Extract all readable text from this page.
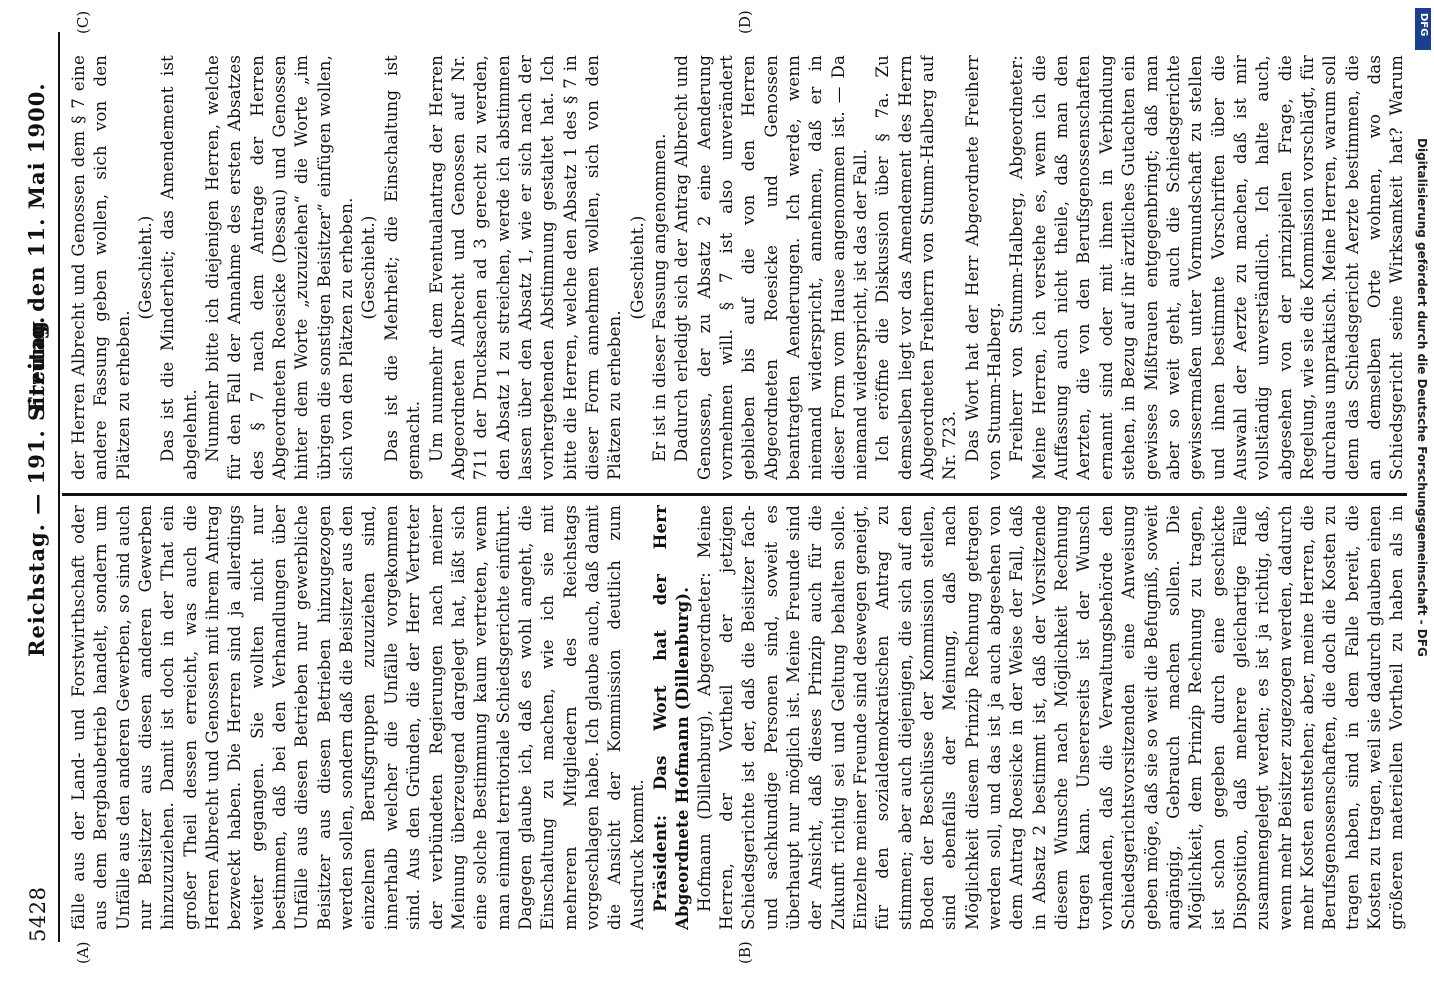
5428
Reichstag. — 191. Sitzung.
Freitag den 11. Mai 1900.
(A)	(B)
(C)	(D)

fälle aus der Land- und Forstwirthschaft oder aus dem Bergbaubetrieb handelt, sondern um Unfälle aus den anderen Gewerben, so sind auch nur Beisitzer aus diesen anderen Gewerben hinzuzuziehen. Damit ist doch in der That ein großer Theil dessen erreicht, was auch die Herren Albrecht und Genossen mit ihrem Antrag bezweckt haben. Die Herren sind ja allerdings weiter gegangen. Sie wollten nicht nur bestimmen, daß bei den Verhandlungen über Unfälle aus diesen Betrieben nur gewerbliche Beisitzer aus diesen Betrieben hinzugezogen werden sollen, sondern daß die Beisitzer aus den einzelnen Berufsgruppen zuzuziehen sind, innerhalb welcher die Unfälle vorgekommen sind. Aus den Gründen, die der Herr Vertreter der verbündeten Regierungen nach meiner Meinung überzeugend dargelegt hat, läßt sich eine solche Bestimmung kaum vertreten, wenn man einmal territoriale Schiedsgerichte einführt. Dagegen glaube ich, daß es wohl angeht, die Einschaltung zu machen, wie ich sie mit mehreren Mitgliedern des Reichstags vorgeschlagen habe. Ich glaube auch, daß damit die Ansicht der Kommission deutlich zum Ausdruck kommt. Präsident: Das Wort hat der Herr Abgeordnete Hofmann (Dillenburg). Hofmann (Dillenburg), Abgeordneter: Meine Herren, der Vortheil der jetzigen Schiedsgerichte ist der, daß die Beisitzer fach- und sachkundige Personen sind, soweit es überhaupt nur möglich ist. Meine Freunde sind der Ansicht, daß dieses Prinzip auch für die Zukunft richtig sei und Geltung behalten solle. Einzelne meiner Freunde sind deswegen geneigt, für den sozialdemokratischen Antrag zu stimmen; aber auch diejenigen, die sich auf den Boden der Beschlüsse der Kommission stellen, sind ebenfalls der Meinung, daß nach Möglichkeit diesem Prinzip Rechnung getragen werden soll, und das ist ja auch abgesehen von dem Antrag Roesicke in der Weise der Fall, daß in Absatz 2 bestimmt ist, daß der Vorsitzende diesem Wunsche nach Möglichkeit Rechnung tragen kann. Unsererseits ist der Wunsch vorhanden, daß die Verwaltungsbehörde den Schiedsgerichtsvorsitzenden eine Anweisung geben möge, daß sie so weit die Befugniß, soweit angängig, Gebrauch machen sollen. Die Möglichkeit, dem Prinzip Rechnung zu tragen, ist schon gegeben durch eine geschickte Disposition, daß mehrere gleichartige Fälle zusammengelegt werden; es ist ja richtig, daß, wenn mehr Beisitzer zugezogen werden, dadurch mehr Kosten entstehen; aber, meine Herren, die Berufsgenossenschaften, die doch die Kosten zu tragen haben, sind in dem Falle bereit, die Kosten zu tragen, weil sie dadurch glauben einen größeren materiellen Vortheil zu haben als in

der Herren Albrecht und Genossen dem § 7 eine andere Fassung geben wollen, sich von den Plätzen zu erheben.

(Geschieht.) Das ist die Minderheit; das Amendement ist abgelehnt. Nunmehr bitte ich diejenigen Herren, welche für den Fall der Annahme des ersten Absatzes des § 7 nach dem Antrage der Herren Abgeordneten Roesicke (Dessau) und Genossen hinter dem Worte „zuzuziehen“ die Worte „im übrigen die sonstigen Beisitzer“ einfügen wollen, sich von den Plätzen zu erheben. (Geschieht.) Das ist die Mehrheit; die Einschaltung ist gemacht. Um nunmehr dem Eventualantrag der Herren Abgeordneten Albrecht und Genossen auf Nr. 711 der Drucksachen ad 3 gerecht zu werden, den Absatz 1 zu streichen, werde ich abstimmen lassen über den Absatz 1, wie er sich nach der vorhergehenden Abstimmung gestaltet hat. Ich bitte die Herren, welche den Absatz 1 des § 7 in dieser Form annehmen wollen, sich von den Plätzen zu erheben.

(Geschieht.) Er ist in dieser Fassung angenommen. Dadurch erledigt sich der Antrag Albrecht und Genossen, der zu Absatz 2 eine Aenderung vornehmen will. § 7 ist also unverändert geblieben bis auf die von den Herren Abgeordneten Roesicke und Genossen beantragten Aenderungen. Ich werde, wenn niemand widerspricht, annehmen, daß er in dieser Form vom Hause angenommen ist. — Da niemand widerspricht, ist das der Fall. Ich eröffne die Diskussion über § 7a. Zu demselben liegt vor das Amendement des Herrn Abgeordneten Freiherrn von Stumm-Halberg auf Nr. 723. Das Wort hat der Herr Abgeordnete Freiherr von Stumm-Halberg. Freiherr von Stumm-Halberg, Abgeordneter: Meine Herren, ich verstehe es, wenn ich die Auffassung auch nicht theile, daß man den Aerzten, die von den Berufsgenossenschaften ernannt sind oder mit ihnen in Verbindung stehen, in Bezug auf ihr ärztliches Gutachten ein gewisses Mißtrauen entgegenbringt; daß man aber so weit geht, auch die Schiedsgerichte gewissermaßen unter Vormundschaft zu stellen und ihnen bestimmte Vorschriften über die Auswahl der Aerzte zu machen, daß ist mir vollständig unverständlich. Ich halte auch, abgesehen von der prinzipiellen Frage, die Regelung, wie sie die Kommission vorschlägt, für durchaus unpraktisch. Meine Herren, warum soll denn das Schiedsgericht Aerzte bestimmen, die an demselben Orte wohnen, wo das Schiedsgericht seine Wirksamkeit hat? Warum

DFG
Digitalisierung gefördert durch die Deutsche Forschungsgemeinschaft - DFG
